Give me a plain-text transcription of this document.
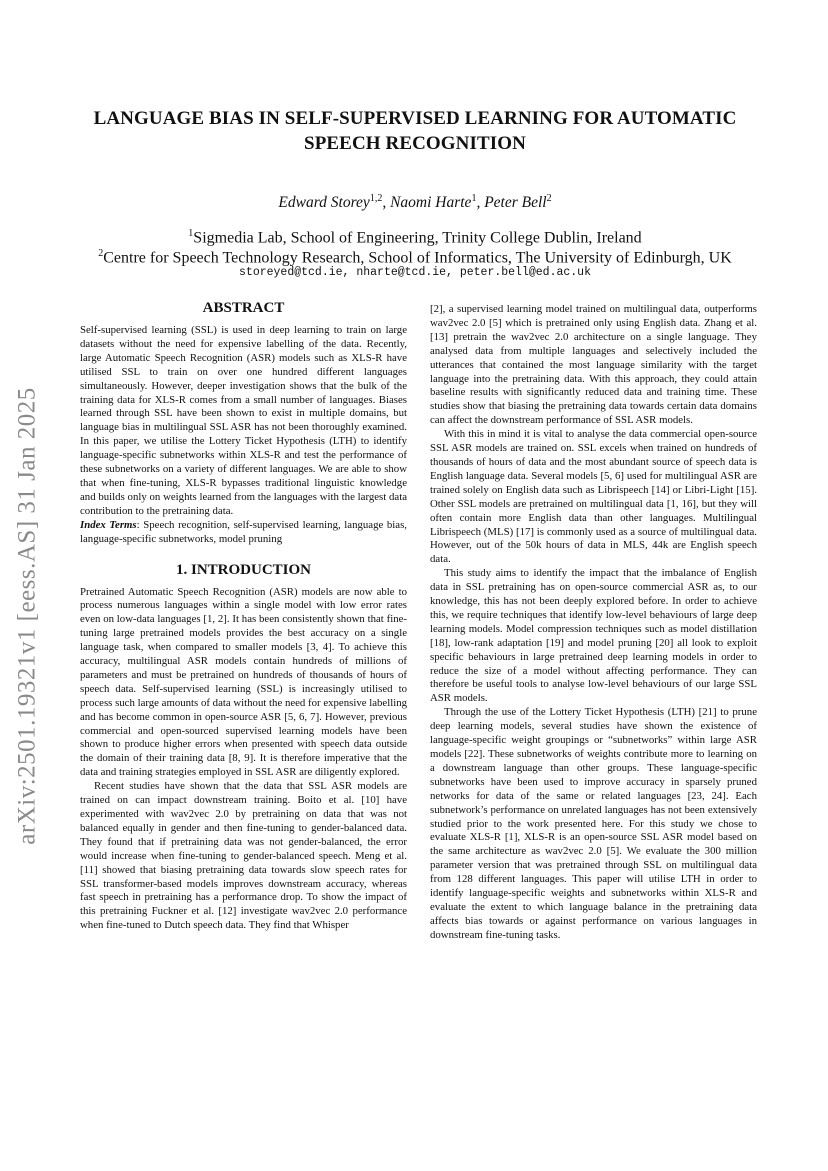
arXiv:2501.19321v1 [eess.AS] 31 Jan 2025
LANGUAGE BIAS IN SELF-SUPERVISED LEARNING FOR AUTOMATIC SPEECH RECOGNITION
Edward Storey$^{1,2}$, Naomi Harte$^1$, Peter Bell$^2$
$^1$Sigmedia Lab, School of Engineering, Trinity College Dublin, Ireland
$^2$Centre for Speech Technology Research, School of Informatics, The University of Edinburgh, UK
storeyed@tcd.ie, nharte@tcd.ie, peter.bell@ed.ac.uk
ABSTRACT

Self-supervised learning (SSL) is used in deep learning to train on large datasets without the need for expensive labelling of the data. Recently, large Automatic Speech Recognition (ASR) models such as XLS-R have utilised SSL to train on over one hundred different languages simultaneously. However, deeper investigation shows that the bulk of the training data for XLS-R comes from a small number of languages. Biases learned through SSL have been shown to exist in multiple domains, but language bias in multilingual SSL ASR has not been thoroughly examined. In this paper, we utilise the Lottery Ticket Hypothesis (LTH) to identify language-specific subnetworks within XLS-R and test the performance of these subnetworks on a variety of different languages. We are able to show that when fine-tuning, XLS-R bypasses traditional linguistic knowledge and builds only on weights learned from the languages with the largest data contribution to the pretraining data.

Index Terms: Speech recognition, self-supervised learning, language bias, language-specific subnetworks, model pruning

1. INTRODUCTION

Pretrained Automatic Speech Recognition (ASR) models are now able to process numerous languages within a single model with low error rates even on low-data languages [1, 2]. It has been consistently shown that fine-tuning large pretrained models provides the best accuracy on a single language task, when compared to smaller models [3, 4]. To achieve this accuracy, multilingual ASR models contain hundreds of millions of parameters and must be pretrained on hundreds of thousands of hours of speech data. Self-supervised learning (SSL) is increasingly utilised to process such large amounts of data without the need for expensive labelling and has become common in open-source ASR [5, 6, 7]. However, previous commercial and open-sourced supervised learning models have been shown to produce higher errors when presented with speech data outside the domain of their training data [8, 9]. It is therefore imperative that the data and training strategies employed in SSL ASR are diligently explored.

Recent studies have shown that the data that SSL ASR models are trained on can impact downstream training. Boito et al. [10] have experimented with wav2vec 2.0 by pretraining on data that was not balanced equally in gender and then fine-tuning to gender-balanced data. They found that if pretraining data was not gender-balanced, the error would increase when fine-tuning to gender-balanced speech. Meng et al. [11] showed that biasing pretraining data towards slow speech rates for SSL transformer-based models improves downstream accuracy, whereas fast speech in pretraining has a performance drop. To show the impact of this pretraining Fuckner et al. [12] investigate wav2vec 2.0 performance when fine-tuned to Dutch speech data. They find that Whisper

[2], a supervised learning model trained on multilingual data, outperforms wav2vec 2.0 [5] which is pretrained only using English data. Zhang et al. [13] pretrain the wav2vec 2.0 architecture on a single language. They analysed data from multiple languages and selectively included the utterances that contained the most language similarity with the target language into the pretraining data. With this approach, they could attain baseline results with significantly reduced data and training time. These studies show that biasing the pretraining data towards certain data domains can affect the downstream performance of SSL ASR models.

With this in mind it is vital to analyse the data commercial open-source SSL ASR models are trained on. SSL excels when trained on hundreds of thousands of hours of data and the most abundant source of speech data is English language data. Several models [5, 6] used for multilingual ASR are trained solely on English data such as Librispeech [14] or Libri-Light [15]. Other SSL models are pretrained on multilingual data [1, 16], but they will often contain more English data than other languages. Multilingual Librispeech (MLS) [17] is commonly used as a source of multilingual data. However, out of the 50k hours of data in MLS, 44k are English speech data.

This study aims to identify the impact that the imbalance of English data in SSL pretraining has on open-source commercial ASR as, to our knowledge, this has not been deeply explored before. In order to achieve this, we require techniques that identify low-level behaviours of large deep learning models. Model compression techniques such as model distillation [18], low-rank adaptation [19] and model pruning [20] all look to exploit specific behaviours in large pretrained deep learning models in order to reduce the size of a model without affecting performance. They can therefore be useful tools to analyse low-level behaviours of our large SSL ASR models.

Through the use of the Lottery Ticket Hypothesis (LTH) [21] to prune deep learning models, several studies have shown the existence of language-specific weight groupings or “subnetworks” within large ASR models [22]. These subnetworks of weights contribute more to learning on a downstream language than other groups. These language-specific subnetworks have been used to improve accuracy in sparsely pruned networks for data of the same or related languages [23, 24]. Each subnetwork’s performance on unrelated languages has not been extensively studied prior to the work presented here. For this study we chose to evaluate XLS-R [1], XLS-R is an open-source SSL ASR model based on the same architecture as wav2vec 2.0 [5]. We evaluate the 300 million parameter version that was pretrained through SSL on multilingual data from 128 different languages. This paper will utilise LTH in order to identify language-specific weights and subnetworks within XLS-R and evaluate the extent to which language balance in the pretraining data affects bias towards or against performance on various languages in downstream fine-tuning tasks.
